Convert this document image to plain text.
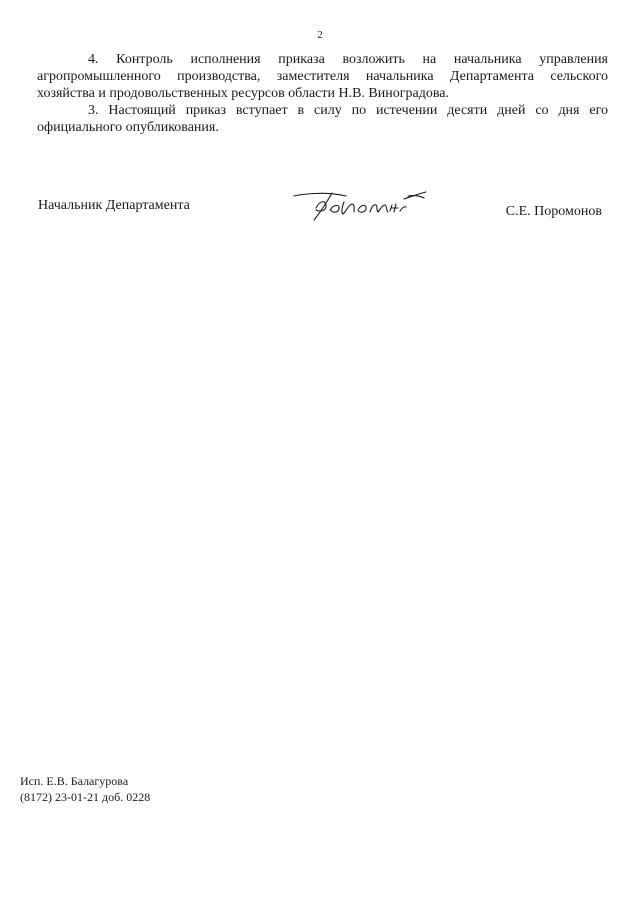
2

4. Контроль исполнения приказа возложить на начальника управления
агропромышленного производства, заместителя начальника Департамента сельского
хозяйства и продовольственных ресурсов области Н.В. Виноградова.

3. Настоящий приказ вступает в силу по истечении десяти дней со дня его
официального опубликования.

Начальник Департамента	С.Е. Поромонов
Исп. Е.В. Балагурова
(8172) 23-01-21 доб. 0228
